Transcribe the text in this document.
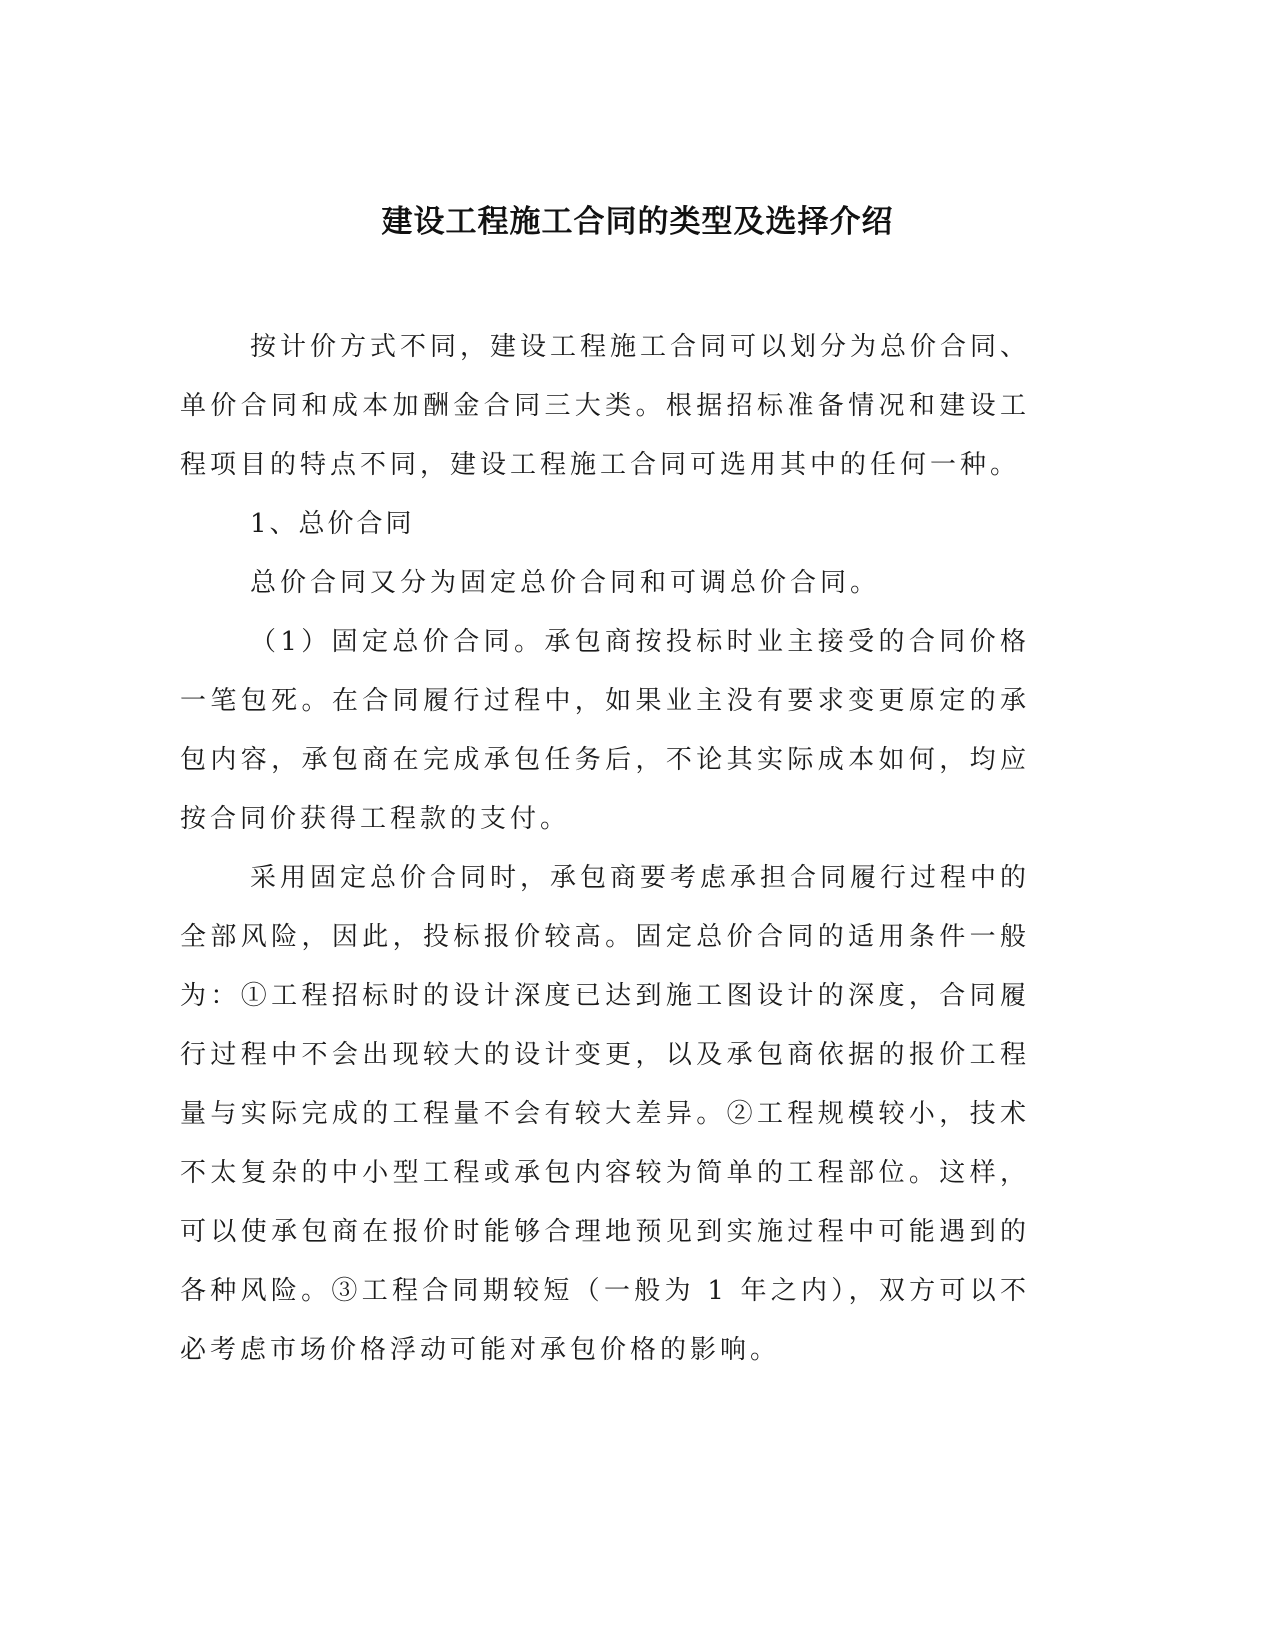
建设工程施工合同的类型及选择介绍

按计价方式不同，建设工程施工合同可以划分为总价合同、单价合同和成本加酬金合同三大类。根据招标准备情况和建设工程项目的特点不同，建设工程施工合同可选用其中的任何一种。

1、总价合同

总价合同又分为固定总价合同和可调总价合同。

（1）固定总价合同。承包商按投标时业主接受的合同价格一笔包死。在合同履行过程中，如果业主没有要求变更原定的承包内容，承包商在完成承包任务后，不论其实际成本如何，均应按合同价获得工程款的支付。

采用固定总价合同时，承包商要考虑承担合同履行过程中的全部风险，因此，投标报价较高。固定总价合同的适用条件一般为：①工程招标时的设计深度已达到施工图设计的深度，合同履行过程中不会出现较大的设计变更，以及承包商依据的报价工程量与实际完成的工程量不会有较大差异。②工程规模较小，技术不太复杂的中小型工程或承包内容较为简单的工程部位。这样，可以使承包商在报价时能够合理地预见到实施过程中可能遇到的各种风险。③工程合同期较短（一般为 1 年之内），双方可以不必考虑市场价格浮动可能对承包价格的影响。
